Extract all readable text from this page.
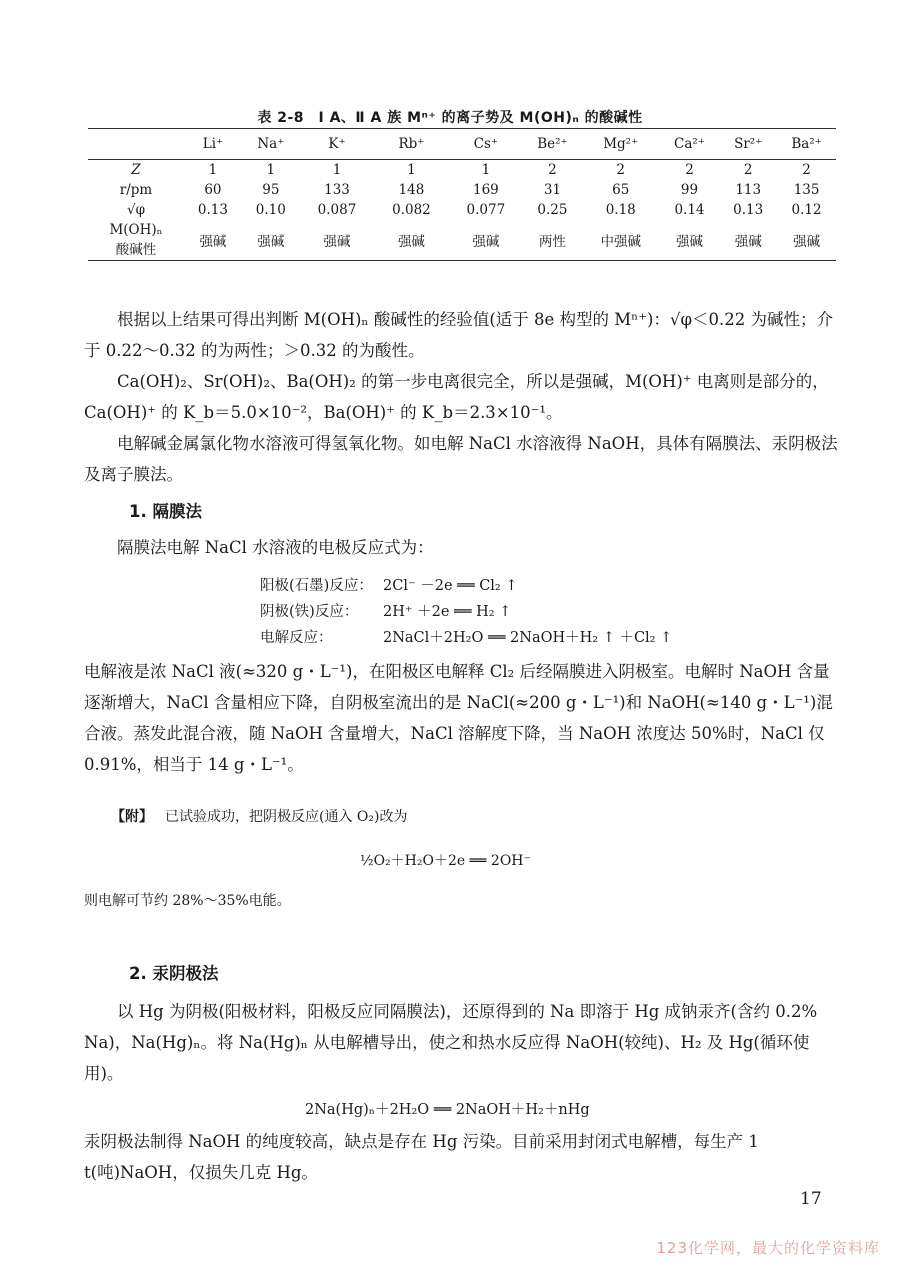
表 2-8　Ⅰ A、Ⅱ A 族 Mⁿ⁺ 的离子势及 M(OH)ₙ 的酸碱性
	Li⁺	Na⁺	K⁺	Rb⁺	Cs⁺	Be²⁺	Mg²⁺	Ca²⁺	Sr²⁺	Ba²⁺
Z	1	1	1	1	1	2	2	2	2	2
r/pm	60	95	133	148	169	31	65	99	113	135
√φ	0.13	0.10	0.087	0.082	0.077	0.25	0.18	0.14	0.13	0.12

M(OH)ₙ
酸碱性	强碱	强碱	强碱	强碱	强碱	两性	中强碱	强碱	强碱	强碱

根据以上结果可得出判断 M(OH)ₙ 酸碱性的经验值(适于 8e 构型的 Mⁿ⁺)：√φ＜0.22 为碱性；介于 0.22～0.32 的为两性；＞0.32 的为酸性。

Ca(OH)₂、Sr(OH)₂、Ba(OH)₂ 的第一步电离很完全，所以是强碱，M(OH)⁺ 电离则是部分的，Ca(OH)⁺ 的 K_b＝5.0×10⁻²，Ba(OH)⁺ 的 K_b＝2.3×10⁻¹。

电解碱金属氯化物水溶液可得氢氧化物。如电解 NaCl 水溶液得 NaOH，具体有隔膜法、汞阴极法及离子膜法。

1. 隔膜法

隔膜法电解 NaCl 水溶液的电极反应式为：

阳极(石墨)反应： 2Cl⁻ －2e ══ Cl₂ ↑
阴极(铁)反应： 2H⁺ ＋2e ══ H₂ ↑
电解反应：	2NaCl＋2H₂O ══ 2NaOH＋H₂ ↑ ＋Cl₂ ↑

电解液是浓 NaCl 液(≈320 g・L⁻¹)，在阳极区电解释 Cl₂ 后经隔膜进入阴极室。电解时 NaOH 含量逐渐增大，NaCl 含量相应下降，自阴极室流出的是 NaCl(≈200 g・L⁻¹)和 NaOH(≈140 g・L⁻¹)混合液。蒸发此混合液，随 NaOH 含量增大，NaCl 溶解度下降，当 NaOH 浓度达 50%时，NaCl 仅 0.91%，相当于 14 g・L⁻¹。

【附】 已试验成功，把阴极反应(通入 O₂)改为
½O₂＋H₂O＋2e ══ 2OH⁻
则电解可节约 28%～35%电能。
2. 汞阴极法

以 Hg 为阴极(阳极材料，阳极反应同隔膜法)，还原得到的 Na 即溶于 Hg 成钠汞齐(含约 0.2% Na)，Na(Hg)ₙ。将 Na(Hg)ₙ 从电解槽导出，使之和热水反应得 NaOH(较纯)、H₂ 及 Hg(循环使用)。

2Na(Hg)ₙ＋2H₂O ══ 2NaOH＋H₂＋nHg

汞阴极法制得 NaOH 的纯度较高，缺点是存在 Hg 污染。目前采用封闭式电解槽，每生产 1 t(吨)NaOH，仅损失几克 Hg。

17
123化学网，最大的化学资料库
